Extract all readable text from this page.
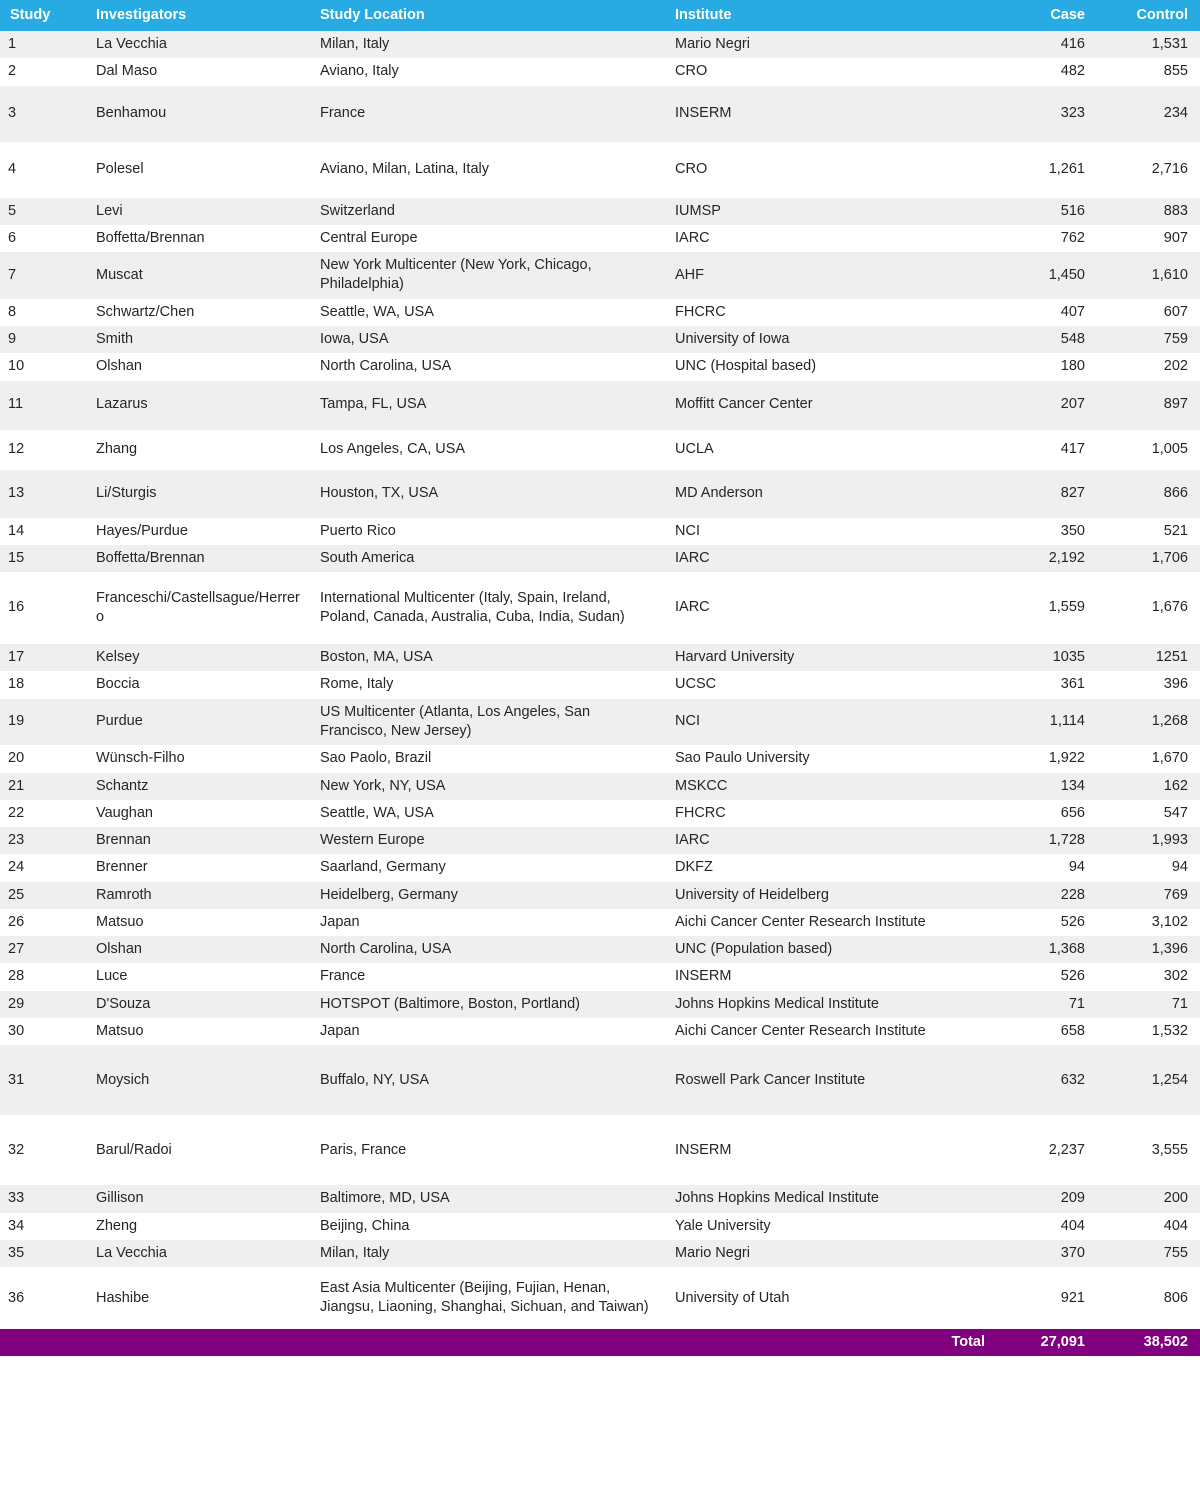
Study	Investigators	Study Location	Institute	Case	Control
1	La Vecchia	Milan, Italy	Mario Negri	416	1,531
2	Dal Maso	Aviano, Italy	CRO	482	855
3	Benhamou	France	INSERM	323	234
4	Polesel	Aviano, Milan, Latina, Italy	CRO	1,261	2,716
5	Levi	Switzerland	IUMSP	516	883
6	Boffetta/Brennan	Central Europe	IARC	762	907
7	Muscat	New York Multicenter (New York, Chicago, Philadelphia)	AHF	1,450	1,610
8	Schwartz/Chen	Seattle, WA, USA	FHCRC	407	607
9	Smith	Iowa, USA	University of Iowa	548	759
10	Olshan	North Carolina, USA	UNC (Hospital based)	180	202
11	Lazarus	Tampa, FL, USA	Moffitt Cancer Center	207	897
12	Zhang	Los Angeles, CA, USA	UCLA	417	1,005
13	Li/Sturgis	Houston, TX, USA	MD Anderson	827	866
14	Hayes/Purdue	Puerto Rico	NCI	350	521
15	Boffetta/Brennan	South America	IARC	2,192	1,706
16	Franceschi/Castellsague/Herrero	International Multicenter (Italy, Spain, Ireland, Poland, Canada, Australia, Cuba, India, Sudan)	IARC	1,559	1,676
17	Kelsey	Boston, MA, USA	Harvard University	1035	1251
18	Boccia	Rome, Italy	UCSC	361	396
19	Purdue	US Multicenter (Atlanta, Los Angeles, San Francisco, New Jersey)	NCI	1,114	1,268
20	Wünsch-Filho	Sao Paolo, Brazil	Sao Paulo University	1,922	1,670
21	Schantz	New York, NY, USA	MSKCC	134	162
22	Vaughan	Seattle, WA, USA	FHCRC	656	547
23	Brennan	Western Europe	IARC	1,728	1,993
24	Brenner	Saarland, Germany	DKFZ	94	94
25	Ramroth	Heidelberg, Germany	University of Heidelberg	228	769
26	Matsuo	Japan	Aichi Cancer Center Research Institute	526	3,102
27	Olshan	North Carolina, USA	UNC (Population based)	1,368	1,396
28	Luce	France	INSERM	526	302
29	D'Souza	HOTSPOT (Baltimore, Boston, Portland)	Johns Hopkins Medical Institute	71	71
30	Matsuo	Japan	Aichi Cancer Center Research Institute	658	1,532
31	Moysich	Buffalo, NY, USA	Roswell Park Cancer Institute	632	1,254
32	Barul/Radoi	Paris, France	INSERM	2,237	3,555
33	Gillison	Baltimore, MD, USA	Johns Hopkins Medical Institute	209	200
34	Zheng	Beijing, China	Yale University	404	404
35	La Vecchia	Milan, Italy	Mario Negri	370	755
36	Hashibe	East Asia Multicenter (Beijing, Fujian, Henan, Jiangsu, Liaoning, Shanghai, Sichuan, and Taiwan)	University of Utah	921	806
			Total	27,091	38,502
